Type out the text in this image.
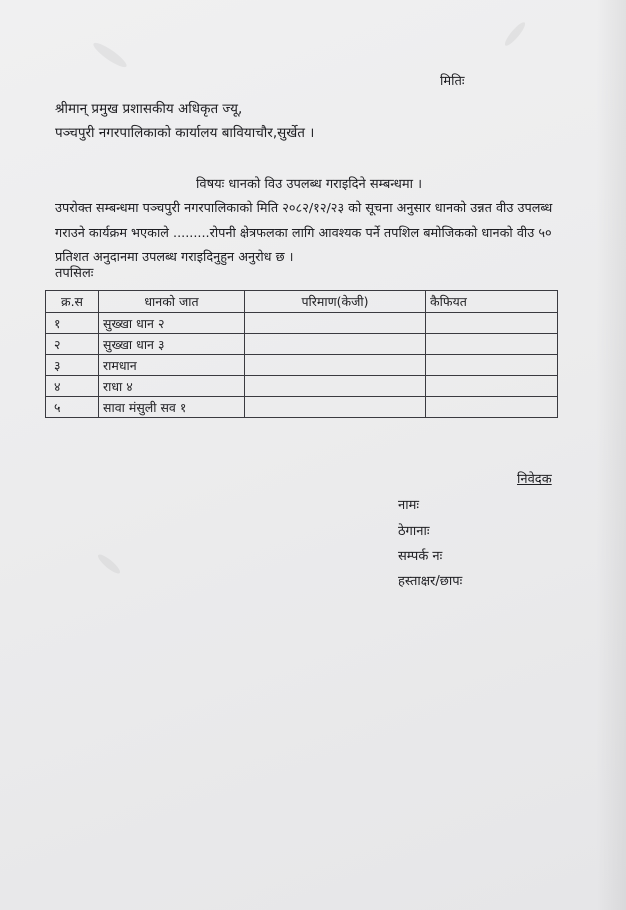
मितिः
श्रीमान् प्रमुख प्रशासकीय अधिकृत ज्यू,
पञ्चपुरी नगरपालिकाको कार्यालय बावियाचौर,सुर्खेत ।
विषयः धानको विउ उपलब्ध गराइदिने सम्बन्धमा ।
उपरोक्त सम्बन्धमा पञ्चपुरी नगरपालिकाको मिति २०८२/१२/२३ को सूचना अनुसार धानको उन्नत वीउ उपलब्ध गराउने कार्यक्रम भएकाले .........रोपनी क्षेत्रफलका लागि आवश्यक पर्ने तपशिल बमोजिकको धानको वीउ ५० प्रतिशत अनुदानमा उपलब्ध गराइदिनुहुन अनुरोध छ ।
तपसिलः
क्र.स	धानको जात	परिमाण(केजी)	कैफियत
१	सुख्खा धान २		
२	सुख्खा धान ३		
३	रामधान		
४	राधा ४		
५	सावा मंसुली सव १		
निवेदक
नामः
ठेगानाः
सम्पर्क नः
हस्ताक्षर/छापः
